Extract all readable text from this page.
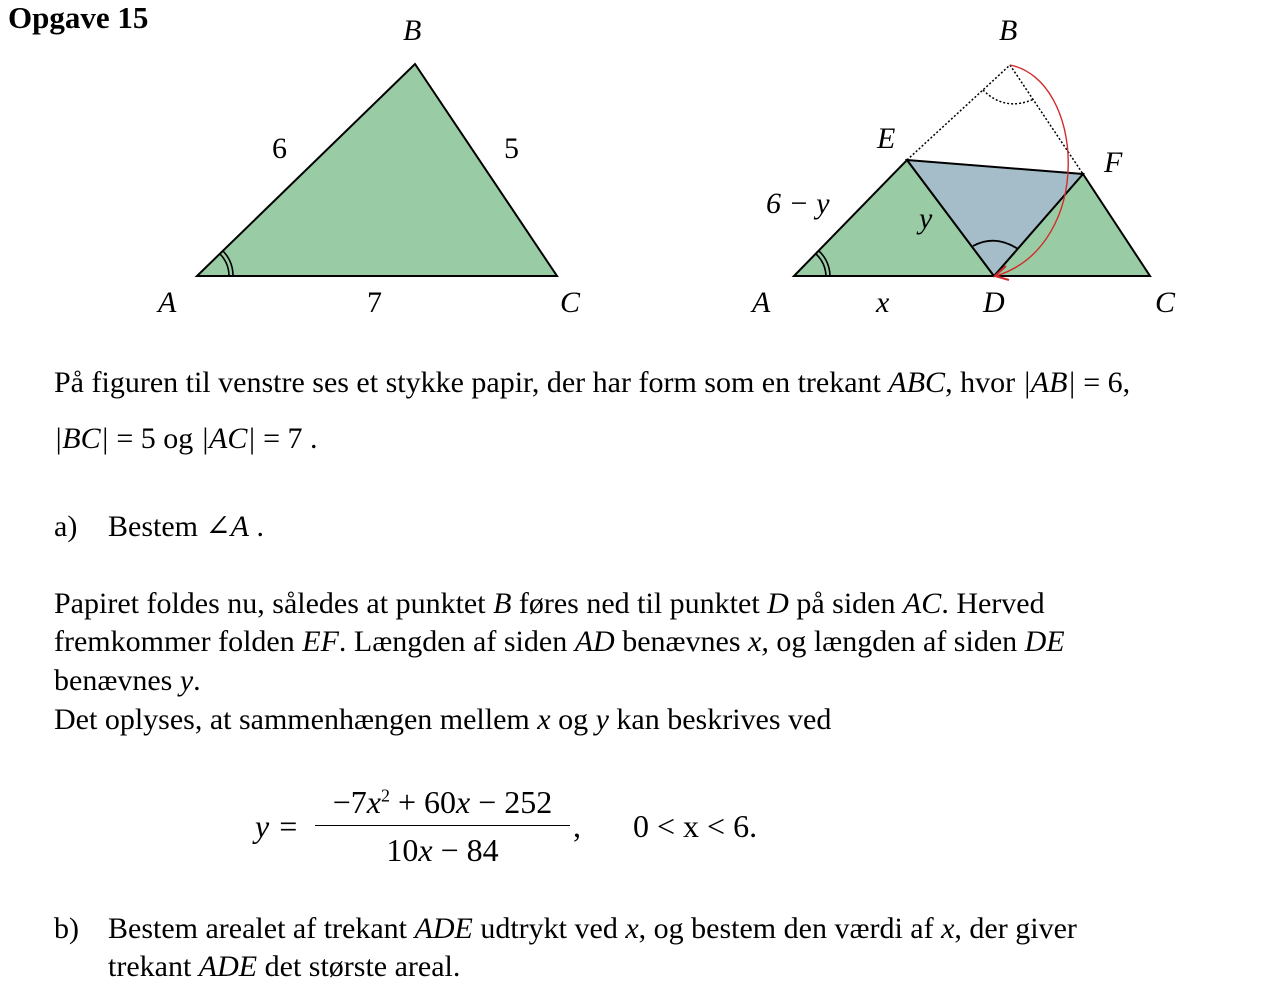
Opgave 15	B
A	C
6	5
7
B
E
F
A	D	C
6 − y	y
x
På figuren til venstre ses et stykke papir, der har form som en trekant ABC, hvor |AB| = 6,
|BC| = 5 og |AC| = 7 .
a) Bestem ∠A .
Papiret foldes nu, således at punktet B føres ned til punktet D på siden AC. Herved
fremkommer folden EF. Længden af siden AD benævnes x, og længden af siden DE
benævnes y.
Det oplyses, at sammenhængen mellem x og y kan beskrives ved
y =
$-7x^2 + 60x - 252$
10x − 84
, 0 < x < 6.
b) Bestem arealet af trekant ADE udtrykt ved x, og bestem den værdi af x, der giver
trekant ADE det største areal.
